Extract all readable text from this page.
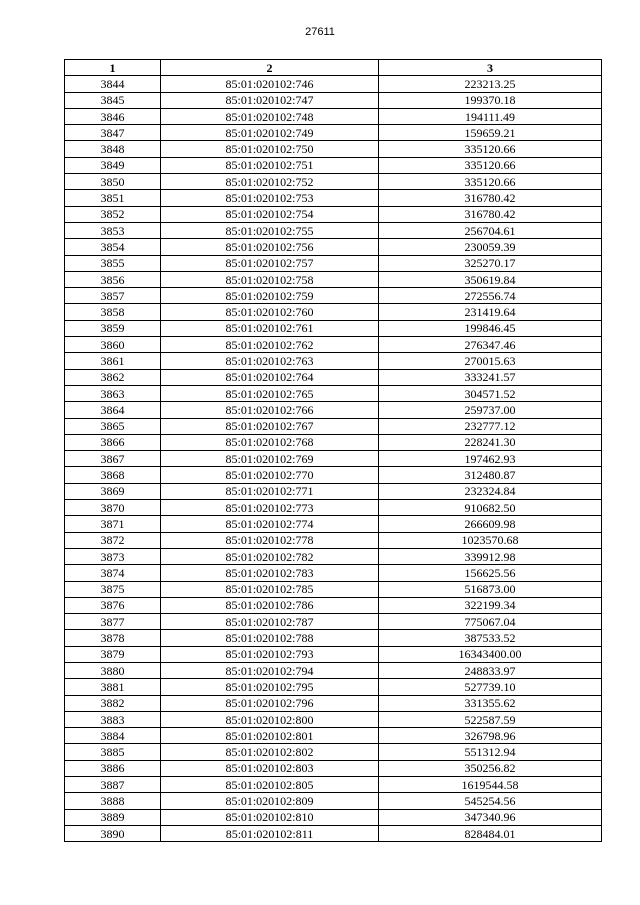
27611
1	2	3
3844	85:01:020102:746	223213.25
3845	85:01:020102:747	199370.18
3846	85:01:020102:748	194111.49
3847	85:01:020102:749	159659.21
3848	85:01:020102:750	335120.66
3849	85:01:020102:751	335120.66
3850	85:01:020102:752	335120.66
3851	85:01:020102:753	316780.42
3852	85:01:020102:754	316780.42
3853	85:01:020102:755	256704.61
3854	85:01:020102:756	230059.39
3855	85:01:020102:757	325270.17
3856	85:01:020102:758	350619.84
3857	85:01:020102:759	272556.74
3858	85:01:020102:760	231419.64
3859	85:01:020102:761	199846.45
3860	85:01:020102:762	276347.46
3861	85:01:020102:763	270015.63
3862	85:01:020102:764	333241.57
3863	85:01:020102:765	304571.52
3864	85:01:020102:766	259737.00
3865	85:01:020102:767	232777.12
3866	85:01:020102:768	228241.30
3867	85:01:020102:769	197462.93
3868	85:01:020102:770	312480.87
3869	85:01:020102:771	232324.84
3870	85:01:020102:773	910682.50
3871	85:01:020102:774	266609.98
3872	85:01:020102:778	1023570.68
3873	85:01:020102:782	339912.98
3874	85:01:020102:783	156625.56
3875	85:01:020102:785	516873.00
3876	85:01:020102:786	322199.34
3877	85:01:020102:787	775067.04
3878	85:01:020102:788	387533.52
3879	85:01:020102:793	16343400.00
3880	85:01:020102:794	248833.97
3881	85:01:020102:795	527739.10
3882	85:01:020102:796	331355.62
3883	85:01:020102:800	522587.59
3884	85:01:020102:801	326798.96
3885	85:01:020102:802	551312.94
3886	85:01:020102:803	350256.82
3887	85:01:020102:805	1619544.58
3888	85:01:020102:809	545254.56
3889	85:01:020102:810	347340.96
3890	85:01:020102:811	828484.01
